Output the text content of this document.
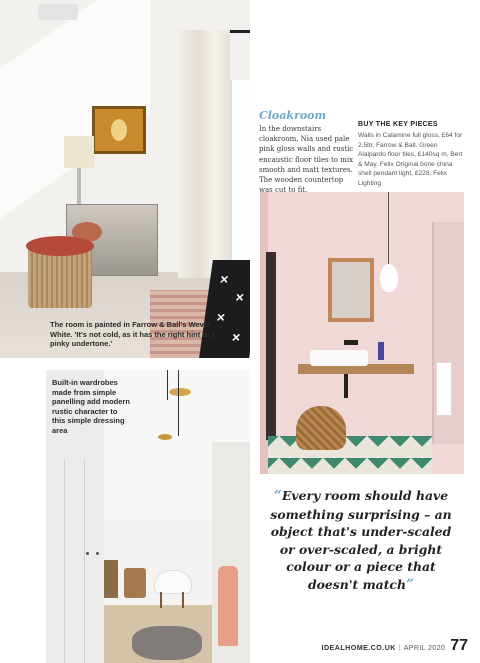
×
×
×
×
The room is painted in Farrow & Ball's Wevet White. 'It's not cold, as it has the right hint of a pinky undertone.'
Built-in wardrobes made from simple panelling add modern rustic character to this simple dressing area
Cloakroom
In the downstairs cloakroom, Nia used pale pink gloss walls and rustic encaustic floor tiles to mix smooth and matt textures. The wooden countertop was cut to fit.
BUY THE KEY PIECES
Walls in Calamine full gloss, £64 for 2.5ltr, Farrow & Ball. Green Alalpardo floor tiles, £140sq m, Bert & May. Felix Original bone china shell pendant light, £228, Felix Lighting
“Every room should have something surprising – an object that's under-scaled or over-scaled, a bright colour or a piece that doesn't match”
IDEALHOME.CO.UK | APRIL 2020 77
